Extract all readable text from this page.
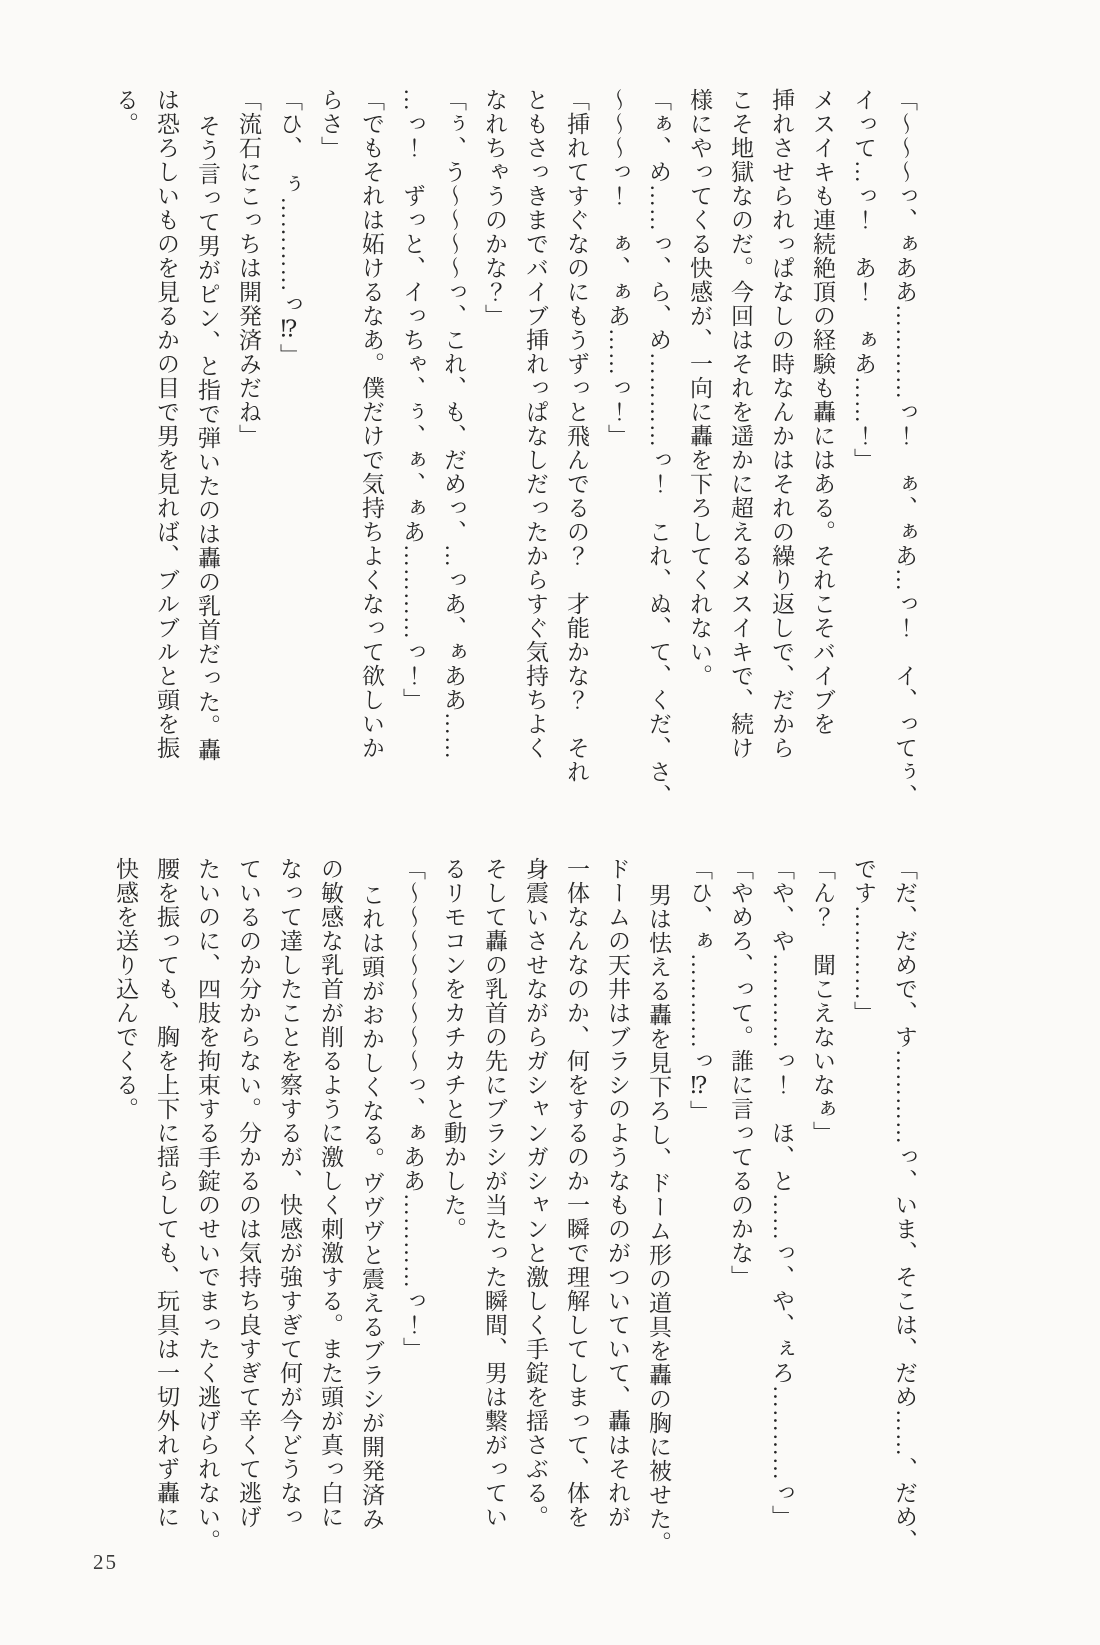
「〜〜〜っ、ぁああ…………っ！　ぁ、ぁあ…っ！　イ、ってぅ、
イって…っ！　あ！　ぁあ……！」
メスイキも連続絶頂の経験も轟にはある。それこそバイブを
挿れさせられっぱなしの時なんかはそれの繰り返しで、だから
こそ地獄なのだ。今回はそれを遥かに超えるメスイキで、続け
様にやってくる快感が、一向に轟を下ろしてくれない。
「ぁ、め……っ、ら、め…………っ！　これ、ぬ、て、くだ、さ、
〜〜〜っ！　ぁ、ぁあ……っ！」
「挿れてすぐなのにもうずっと飛んでるの？　才能かな？　それ
ともさっきまでバイブ挿れっぱなしだったからすぐ気持ちよく
なれちゃうのかな？」
「ぅ、う〜〜〜〜っ、これ、も、だめっ、…っあ、ぁああ……
…っ！　ずっと、イっちゃ、ぅ、ぁ、ぁあ…………っ！」
「でもそれは妬けるなあ。僕だけで気持ちよくなって欲しいか
らさ」
「ひ、　ぅ…………っ⁉」
「流石にこっちは開発済みだね」
そう言って男がピン、と指で弾いたのは轟の乳首だった。轟
は恐ろしいものを見るかの目で男を見れば、ブルブルと頭を振
る。
「だ、だめで、す…………っ、いま、そこは、だめ……、だめ、
です…………」
「ん？　聞こえないなぁ」
「や、や…………っ！　ほ、と……っ、や、ぇろ…………っ」
「やめろ、って。誰に言ってるのかな」
「ひ、ぁ…………っ⁉」
男は怯える轟を見下ろし、ドーム形の道具を轟の胸に被せた。
ドームの天井はブラシのようなものがついていて、轟はそれが
一体なんなのか、何をするのか一瞬で理解してしまって、体を
身震いさせながらガシャンガシャンと激しく手錠を揺さぶる。
そして轟の乳首の先にブラシが当たった瞬間、男は繋がってい
るリモコンをカチカチと動かした。
「〜〜〜〜〜〜〜〜っ、ぁああ…………っ！」
これは頭がおかしくなる。ヴヴヴと震えるブラシが開発済み
の敏感な乳首が削るように激しく刺激する。また頭が真っ白に
なって達したことを察するが、快感が強すぎて何が今どうなっ
ているのか分からない。分かるのは気持ち良すぎて辛くて逃げ
たいのに、四肢を拘束する手錠のせいでまったく逃げられない。
腰を振っても、胸を上下に揺らしても、玩具は一切外れず轟に
快感を送り込んでくる。
25
